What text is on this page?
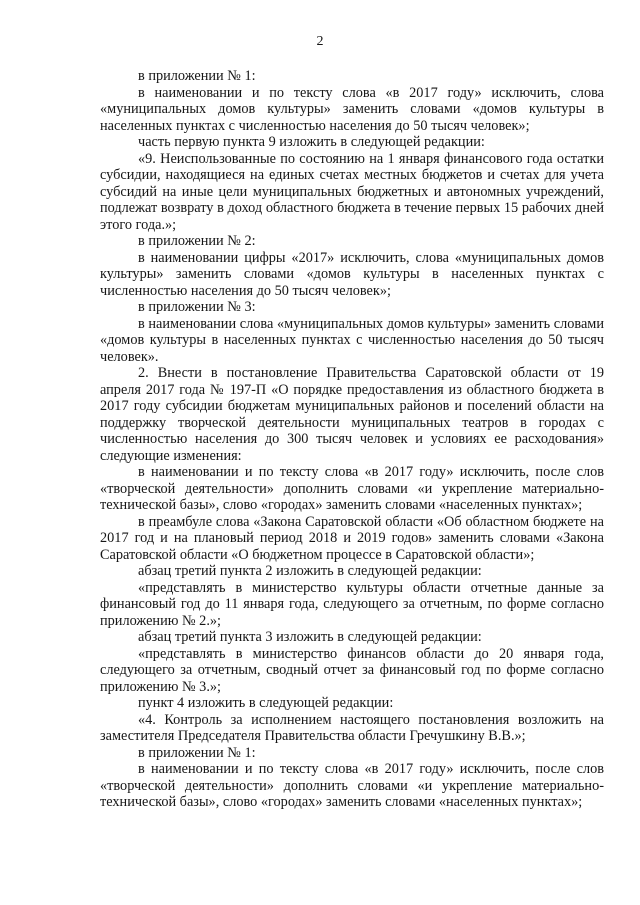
2

в приложении № 1:

в наименовании и по тексту слова «в 2017 году» исключить, слова «муниципальных домов культуры» заменить словами «домов культуры в населенных пунктах с численностью населения до 50 тысяч человек»;

часть первую пункта 9 изложить в следующей редакции:

«9. Неиспользованные по состоянию на 1 января финансового года остатки субсидии, находящиеся на единых счетах местных бюджетов и счетах для учета субсидий на иные цели муниципальных бюджетных и автономных учреждений, подлежат возврату в доход областного бюджета в течение первых 15 рабочих дней этого года.»;

в приложении № 2:

в наименовании цифры «2017» исключить, слова «муниципальных домов культуры» заменить словами «домов культуры в населенных пунктах с численностью населения до 50 тысяч человек»;

в приложении № 3:

в наименовании слова «муниципальных домов культуры» заменить словами «домов культуры в населенных пунктах с численностью населения до 50 тысяч человек».

2. Внести в постановление Правительства Саратовской области от 19 апреля 2017 года № 197-П «О порядке предоставления из областного бюджета в 2017 году субсидии бюджетам муниципальных районов и поселений области на поддержку творческой деятельности муниципальных театров в городах с численностью населения до 300 тысяч человек и условиях ее расходования» следующие изменения:

в наименовании и по тексту слова «в 2017 году» исключить, после слов «творческой деятельности» дополнить словами «и укрепление материально-технической базы», слово «городах» заменить словами «населенных пунктах»;

в преамбуле слова «Закона Саратовской области «Об областном бюджете на 2017 год и на плановый период 2018 и 2019 годов» заменить словами «Закона Саратовской области «О бюджетном процессе в Саратовской области»;

абзац третий пункта 2 изложить в следующей редакции:

«представлять в министерство культуры области отчетные данные за финансовый год до 11 января года, следующего за отчетным, по форме согласно приложению № 2.»;

абзац третий пункта 3 изложить в следующей редакции:

«представлять в министерство финансов области до 20 января года, следующего за отчетным, сводный отчет за финансовый год по форме согласно приложению № 3.»;

пункт 4 изложить в следующей редакции:

«4. Контроль за исполнением настоящего постановления возложить на заместителя Председателя Правительства области Гречушкину В.В.»;

в приложении № 1:

в наименовании и по тексту слова «в 2017 году» исключить, после слов «творческой деятельности» дополнить словами «и укрепление материально-технической базы», слово «городах» заменить словами «населенных пунктах»;
